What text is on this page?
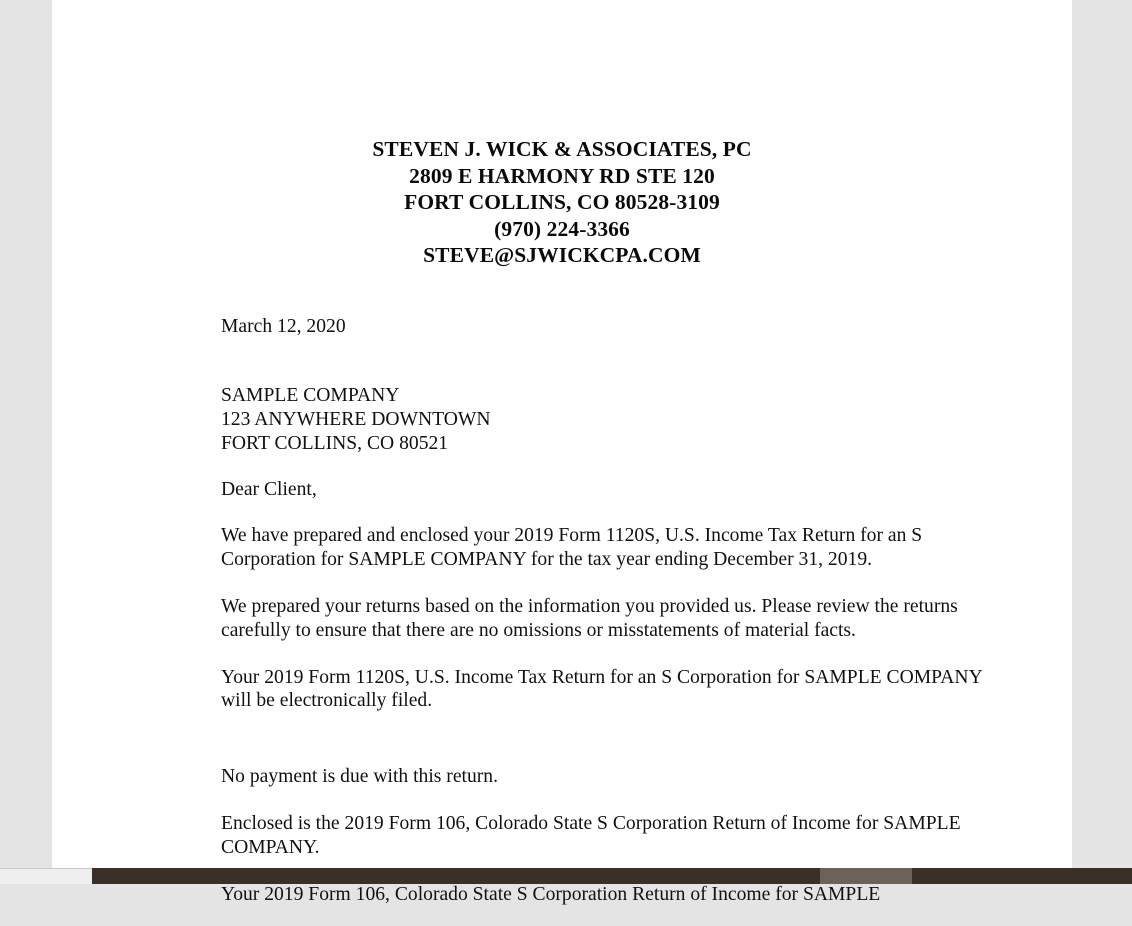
STEVEN J. WICK & ASSOCIATES, PC
2809 E HARMONY RD STE 120
FORT COLLINS, CO 80528-3109
(970) 224-3366
STEVE@SJWICKCPA.COM
March 12, 2020
SAMPLE COMPANY
123 ANYWHERE DOWNTOWN
FORT COLLINS, CO 80521
Dear Client,

We have prepared and enclosed your 2019 Form 1120S, U.S. Income Tax Return for an S Corporation for SAMPLE COMPANY for the tax year ending December 31, 2019.

We prepared your returns based on the information you provided us. Please review the returns carefully to ensure that there are no omissions or misstatements of material facts.

Your 2019 Form 1120S, U.S. Income Tax Return for an S Corporation for SAMPLE COMPANY will be electronically filed.

No payment is due with this return.

Enclosed is the 2019 Form 106, Colorado State S Corporation Return of Income for SAMPLE COMPANY.

Your 2019 Form 106, Colorado State S Corporation Return of Income for SAMPLE
